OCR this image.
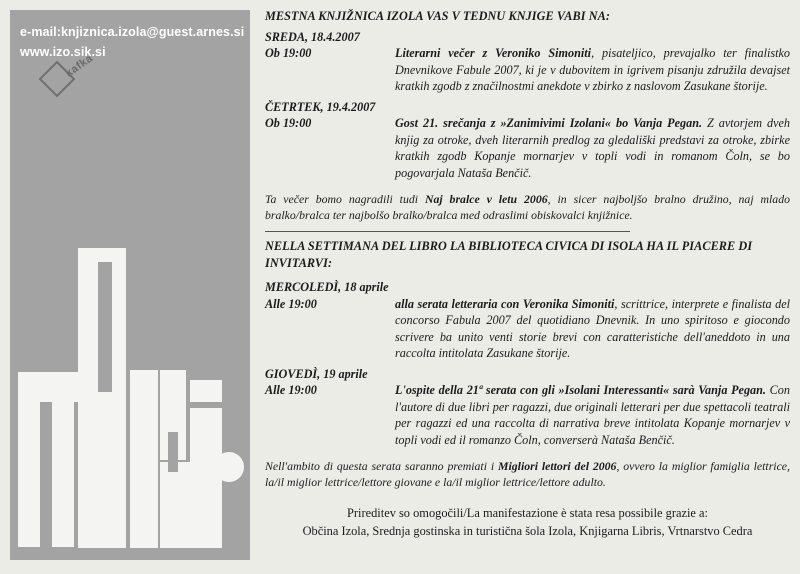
e-mail:knjiznica.izola@guest.arnes.si
www.izo.sik.si
kafka
MESTNA KNJIŽNICA IZOLA VAS V TEDNU KNJIGE VABI NA:
SREDA, 18.4.2007
Ob 19:00	Literarni večer z Veroniko Simoniti, pisateljico, prevajalko ter finalistko Dnevnikove Fabule 2007, ki je v dubovitem in igrivem pisanju združila devajset kratkih zgodb z značilnostmi anekdote v zbirko z naslovom Zasukane štorije.
ČETRTEK, 19.4.2007
Ob 19:00	Gost 21. srečanja z »Zanimivimi Izolani« bo Vanja Pegan. Z avtorjem dveh knjig za otroke, dveh literarnih predlog za gledališki predstavi za otroke, zbirke kratkih zgodb Kopanje mornarjev v topli vodi in romanom Čoln, se bo pogovarjala Nataša Benčič.
Ta večer bomo nagradili tudi Naj bralce v letu 2006, in sicer najboljšo bralno družino, naj mlado bralko/bralca ter najbolšo bralko/bralca med odraslimi obiskovalci knjižnice.
NELLA SETTIMANA DEL LIBRO LA BIBLIOTECA CIVICA DI ISOLA HA IL PIACERE DI INVITARVI:
MERCOLEDÌ, 18 aprile
Alle 19:00	alla serata letteraria con Veronika Simoniti, scrittrice, interprete e finalista del concorso Fabula 2007 del quotidiano Dnevnik. In uno spiritoso e giocondo scrivere ba unito venti storie brevi con caratteristiche dell'aneddoto in una raccolta intitolata Zasukane štorije.
GIOVEDÌ, 19 aprile
Alle 19:00	L'ospite della 21ª serata con gli »Isolani Interessanti« sarà Vanja Pegan. Con l'autore di due libri per ragazzi, due originali letterari per due spettacoli teatrali per ragazzi ed una raccolta di narrativa breve intitolata Kopanje mornarjev v topli vodi ed il romanzo Čoln, converserà Nataša Benčič.
Nell'ambito di questa serata saranno premiati i Migliori lettori del 2006, ovvero la miglior famiglia lettrice, la/il miglior lettrice/lettore giovane e la/il miglior lettrice/lettore adulto.
Prireditev so omogočili/La manifestazione è stata resa possibile grazie a:
Občina Izola, Srednja gostinska in turistična šola Izola, Knjigarna Libris, Vrtnarstvo Cedra
